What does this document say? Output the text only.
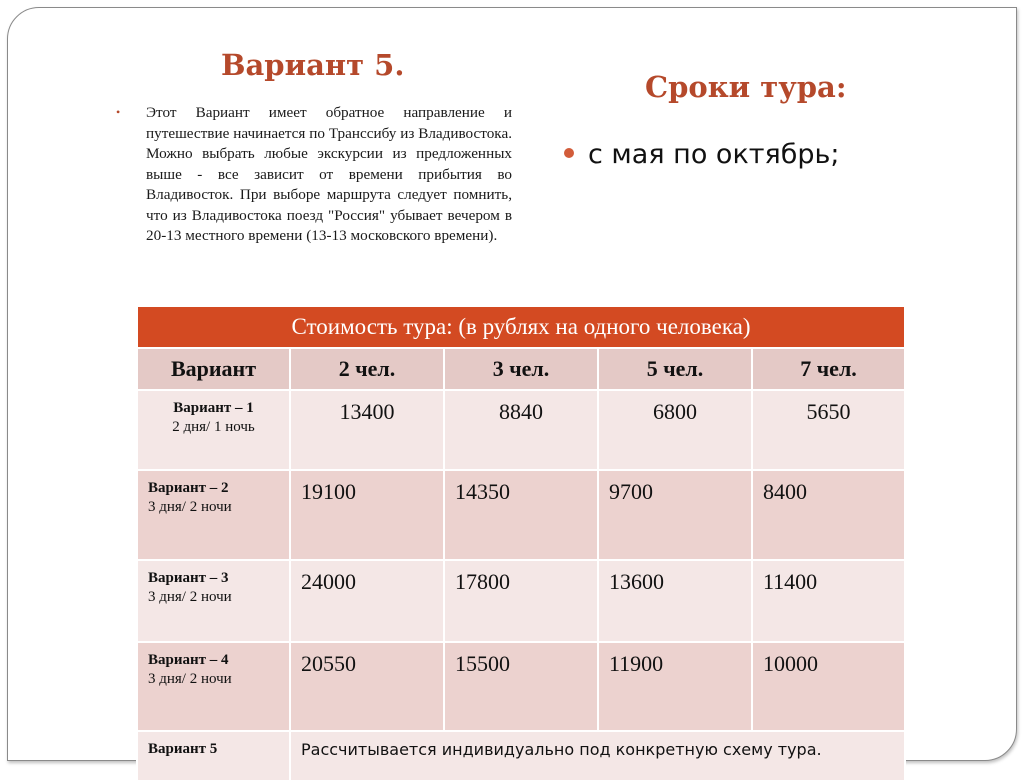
Вариант 5.
• Этот Вариант имеет обратное направление и путешествие начинается по Транссибу из Владивостока. Можно выбрать любые экскурсии из предложенных выше - все зависит от времени прибытия во Владивосток. При выборе маршрута следует помнить, что из Владивостока поезд "Россия" убывает вечером в 20-13 местного времени (13-13 московского времени).
Сроки тура:
с мая по октябрь;
Стоимость тура: (в рублях на одного человека)				
Вариант	2 чел.	3 чел.	5 чел.	7 чел.

Вариант – 1
2 дня/ 1 ночь	13400	8840	6800	5650

Вариант – 2
3 дня/ 2 ночи	19100	14350	9700	8400

Вариант – 3
3 дня/ 2 ночи	24000	17800	13600	11400

Вариант – 4
3 дня/ 2 ночи	20550	15500	11900	10000

Вариант 5	Рассчитывается индивидуально под конкретную схему тура.			
